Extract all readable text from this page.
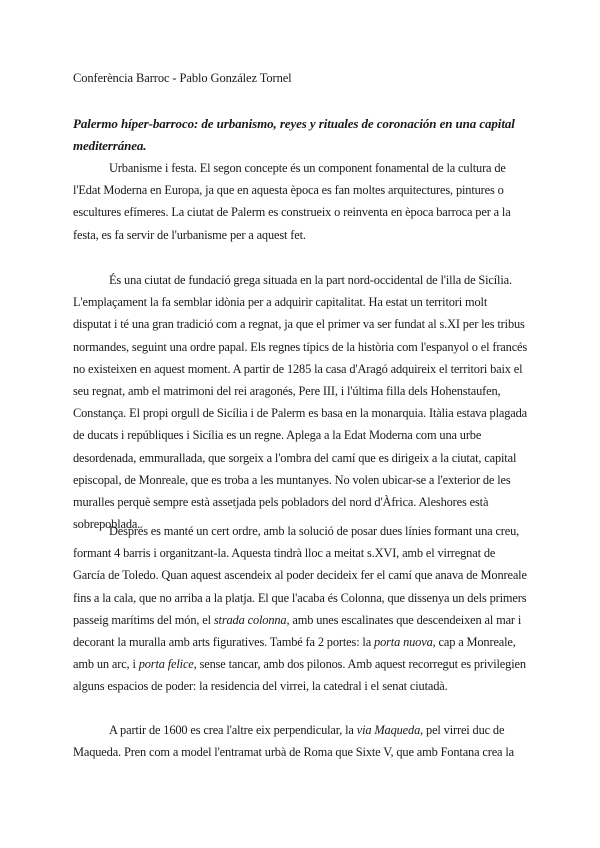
Conferència Barroc - Pablo González Tornel
Palermo híper-barroco: de urbanismo, reyes y rituales de coronación en una capital mediterránea.

Urbanisme i festa. El segon concepte és un component fonamental de la cultura de l'Edat Moderna en Europa, ja que en aquesta època es fan moltes arquitectures, pintures o escultures efímeres. La ciutat de Palerm es construeix o reinventa en època barroca per a la festa, es fa servir de l'urbanisme per a aquest fet.

És una ciutat de fundació grega situada en la part nord-occidental de l'illa de Sicília. L'emplaçament la fa semblar idònia per a adquirir capitalitat. Ha estat un territori molt disputat i té una gran tradició com a regnat, ja que el primer va ser fundat al s.XI per les tribus normandes, seguint una ordre papal. Els regnes típics de la història com l'espanyol o el francés no existeixen en aquest moment. A partir de 1285 la casa d'Aragó adquireix el territori baix el seu regnat, amb el matrimoni del rei aragonés, Pere III, i l'última filla dels Hohenstaufen, Constança. El propi orgull de Sicília i de Palerm es basa en la monarquia. Itàlia estava plagada de ducats i repúbliques i Sicília es un regne. Aplega a la Edat Moderna com una urbe desordenada, emmurallada, que sorgeix a l'ombra del camí que es dirigeix a la ciutat, capital episcopal, de Monreale, que es troba a les muntanyes. No volen ubicar-se a l'exterior de les muralles perquè sempre està assetjada pels pobladors del nord d'Àfrica. Aleshores està sobrepoblada.

Després es manté un cert ordre, amb la solució de posar dues línies formant una creu, formant 4 barris i organitzant-la. Aquesta tindrà lloc a meitat s.XVI, amb el virregnat de García de Toledo. Quan aquest ascendeix al poder decideix fer el camí que anava de Monreale fins a la cala, que no arriba a la platja. El que l'acaba és Colonna, que dissenya un dels primers passeig marítims del món, el strada colonna, amb unes escalinates que descendeixen al mar i decorant la muralla amb arts figuratives. També fa 2 portes: la porta nuova, cap a Monreale, amb un arc, i porta felice, sense tancar, amb dos pilonos. Amb aquest recorregut es privilegien alguns espacios de poder: la residencia del virrei, la catedral i el senat ciutadà.

A partir de 1600 es crea l'altre eix perpendicular, la via Maqueda, pel virrei duc de Maqueda. Pren com a model l'entramat urbà de Roma que Sixte V, que amb Fontana crea la
